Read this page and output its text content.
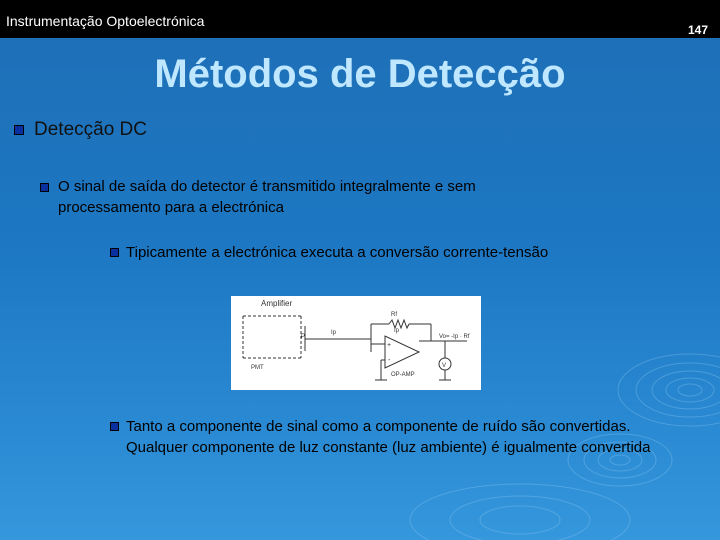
Instrumentação Optoelectrónica
147
Métodos de Detecção
Detecção DC
O sinal de saída do detector é transmitido integralmente e sem processamento para a electrónica
Tipicamente a electrónica executa a conversão corrente-tensão
Amplifier
Rf
Ip
P
Ip
+
-
Vo= -Ip · Rf
PMT
OP-AMP
V
Tanto a componente de sinal como a componente de ruído são convertidas. Qualquer componente de luz constante (luz ambiente) é igualmente convertida
